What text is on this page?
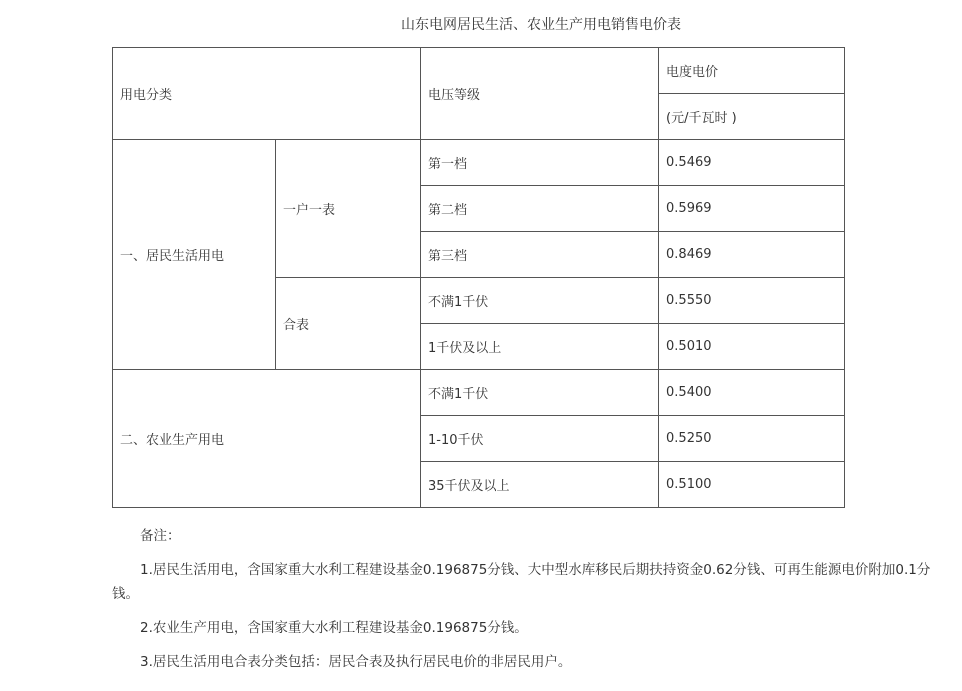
山东电网居民生活、农业生产用电销售电价表
用电分类		电压等级	电度电价
			(元/千瓦时 )
一、居民生活用电	一户一表	第一档	0.5469
		第二档	0.5969
		第三档	0.8469
	合表	不满1千伏	0.5550
		1千伏及以上	0.5010
二、农业生产用电		不满1千伏	0.5400
		1-10千伏	0.5250
		35千伏及以上	0.5100

备注：

1.居民生活用电，含国家重大水利工程建设基金0.196875分钱、大中型水库移民后期扶持资金0.62分钱、可再生能源电价附加0.1分钱。

2.农业生产用电，含国家重大水利工程建设基金0.196875分钱。

3.居民生活用电合表分类包括：居民合表及执行居民电价的非居民用户。
